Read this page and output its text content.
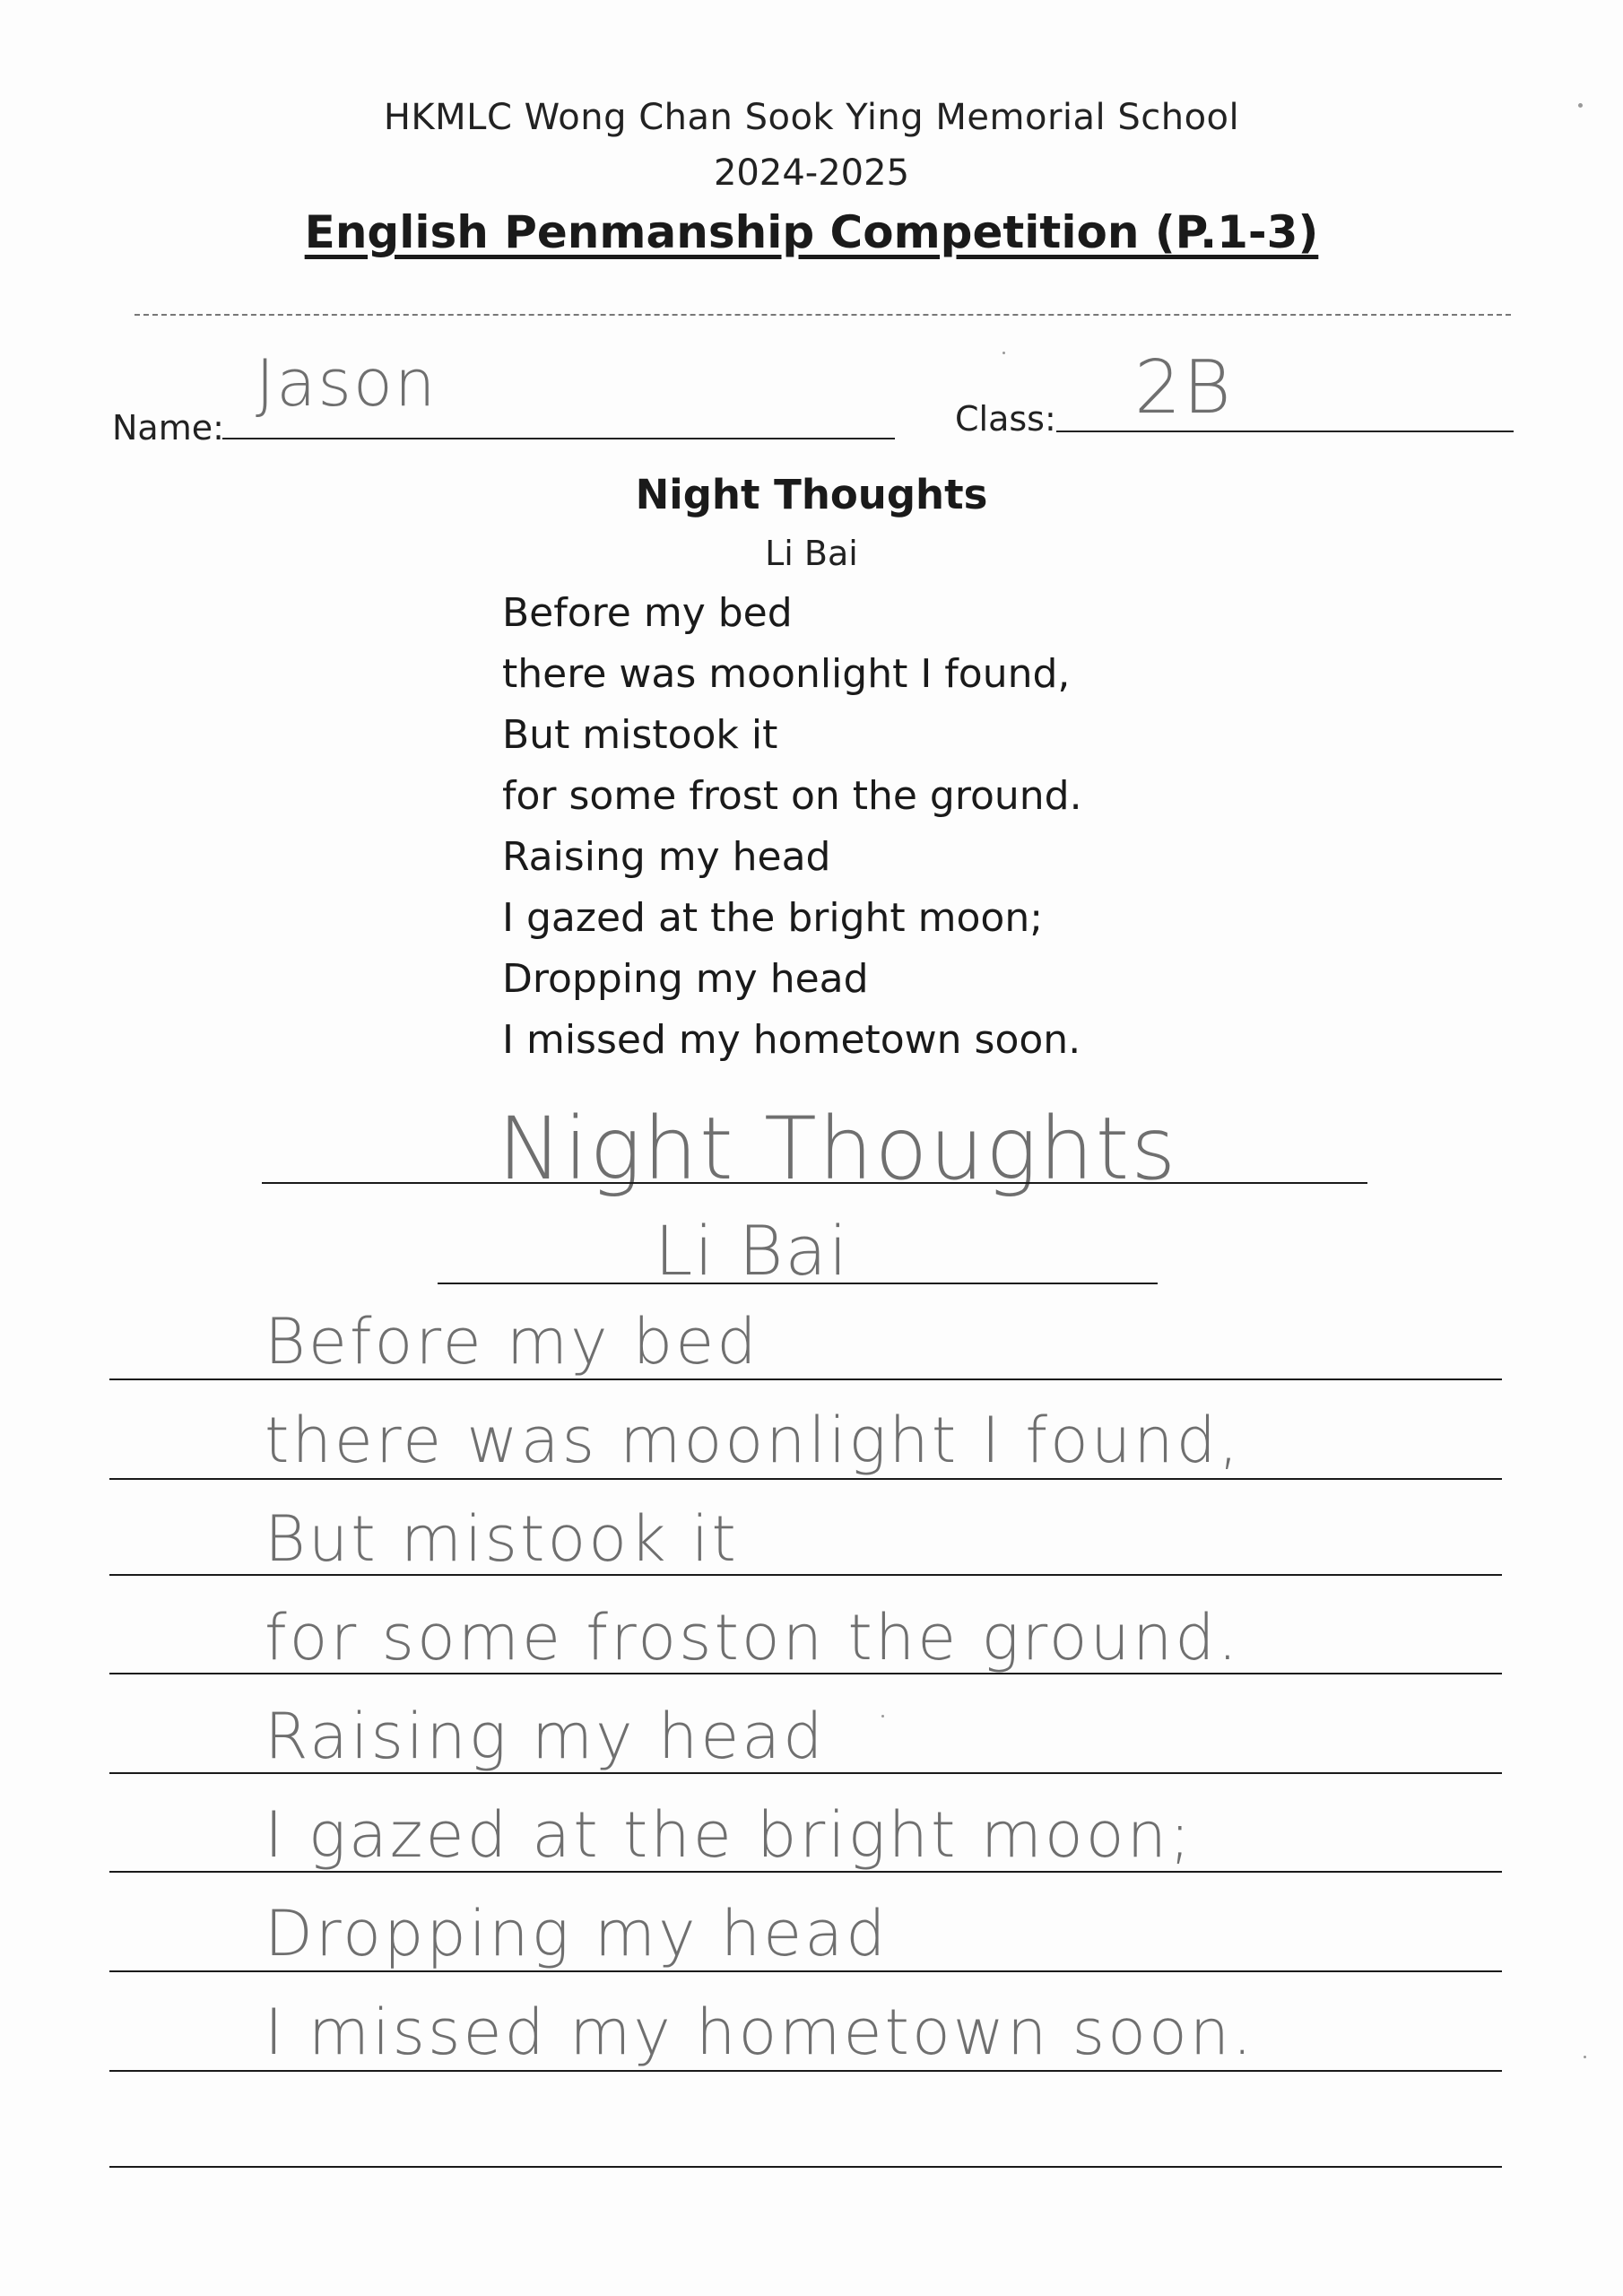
HKMLC Wong Chan Sook Ying Memorial School
2024-2025
English Penmanship Competition (P.1-3)
Name:
Jason	Class: 2B
Night Thoughts
Li Bai
Before my bed
there was moonlight I found,
But mistook it
for some frost on the ground.
Raising my head
I gazed at the bright moon;
Dropping my head
I missed my hometown soon.
Night Thoughts
Li Bai
Before my bed
there was moonlight I found,
But mistook it
for some froston the ground.
Raising my head
I gazed at the bright moon;
Dropping my head
I missed my hometown soon.
